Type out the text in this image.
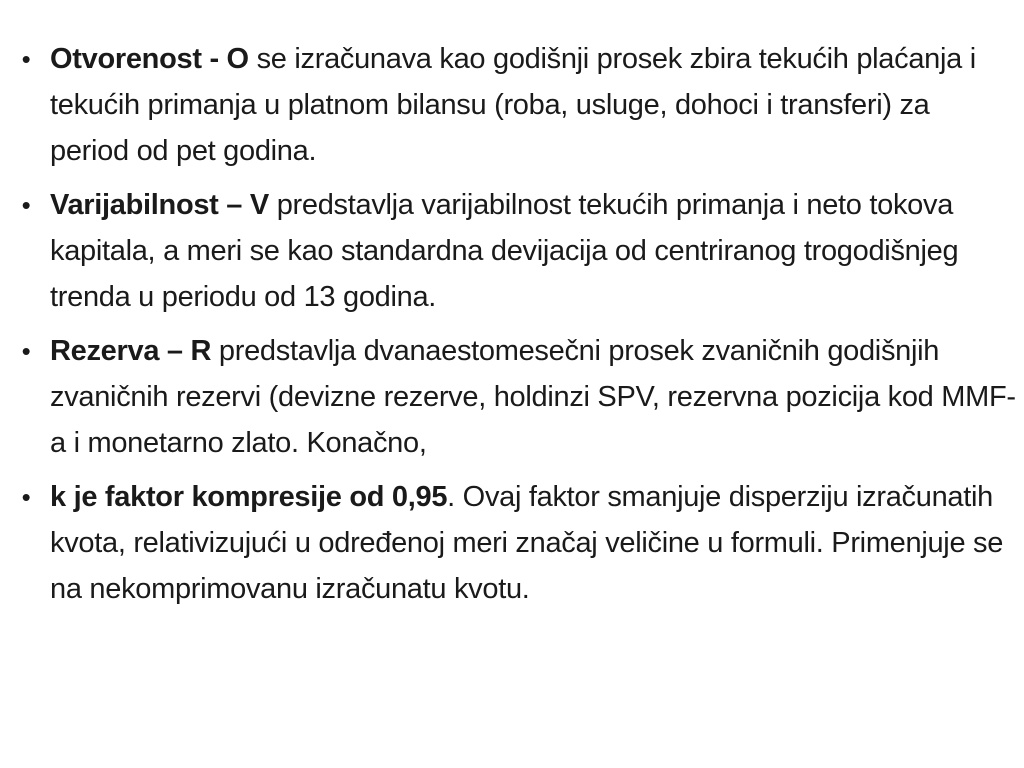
• Otvorenost - O se izračunava kao godišnji prosek zbira tekućih plaćanja i tekućih primanja u platnom bilansu (roba, usluge, dohoci i transferi) za period od pet godina.
• Varijabilnost – V predstavlja varijabilnost tekućih primanja i neto tokova kapitala, a meri se kao standardna devijacija od centriranog trogodišnjeg trenda u periodu od 13 godina.
• Rezerva – R predstavlja dvanaestomesečni prosek zvaničnih godišnjih zvaničnih rezervi (devizne rezerve, holdinzi SPV, rezervna pozicija kod MMF-a i monetarno zlato. Konačno,
• k je faktor kompresije od 0,95. Ovaj faktor smanjuje disperziju izračunatih kvota, relativizujući u određenoj meri značaj veličine u formuli. Primenjuje se na nekomprimovanu izračunatu kvotu.
